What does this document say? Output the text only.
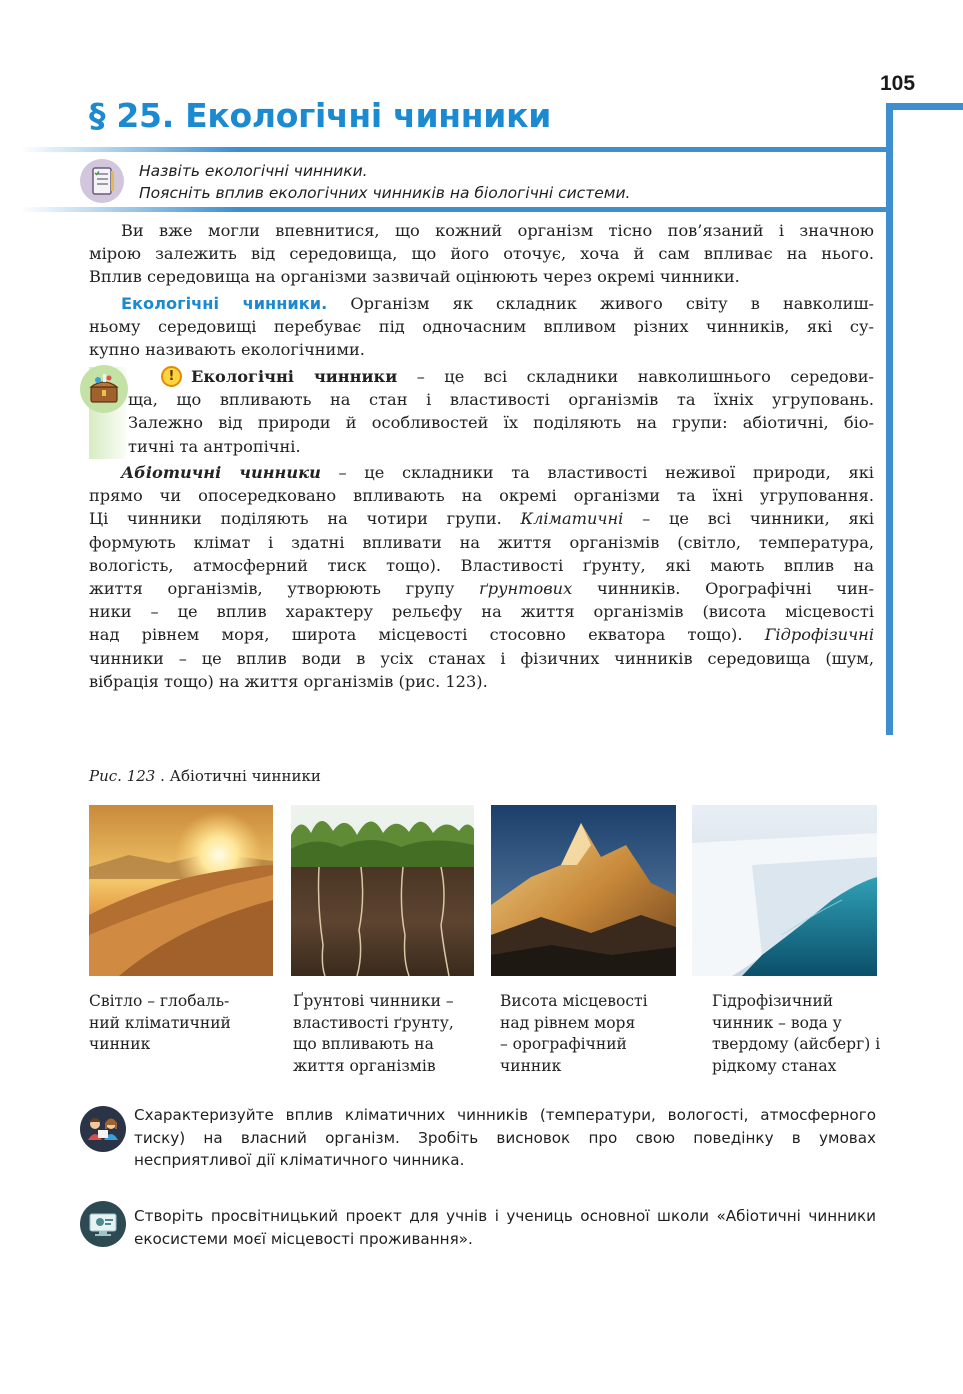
105
§ 25. Екологічні чинники
Назвіть екологічні чинники.
Поясніть вплив екологічних чинників на біологічні системи.
Ви вже могли впевнитися, що кожний організм тісно пов’язаний і значною
мірою залежить від середовища, що його оточує, хоча й сам впливає на нього.
Вплив середовища на організми зазвичай оцінюють через окремі чинники.
Екологічні чинники. Організм як складник живого світу в навколиш-
ньому середовищі перебуває під одночасним впливом різних чинників, які су-
купно називають екологічними.
!	Екологічні чинники – це всі складники навколишнього середови-
ща, що впливають на стан і властивості організмів та їхніх угруповань.
Залежно від природи й особливостей їх поділяють на групи: абіотичні, біо-
тичні та антропічні.
Абіотичні чинники – це складники та властивості неживої природи, які
прямо чи опосередковано впливають на окремі організми та їхні угруповання.
Ці чинники поділяють на чотири групи. Кліматичні – це всі чинники, які
формують клімат і здатні впливати на життя організмів (світло, температура,
вологість, атмосферний тиск тощо). Властивості ґрунту, які мають вплив на
життя організмів, утворюють групу ґрунтових чинників. Орографічні чин-
ники – це вплив характеру рельєфу на життя організмів (висота місцевості
над рівнем моря, широта місцевості стосовно екватора тощо). Гідрофізичні
чинники – це вплив води в усіх станах і фізичних чинників середовища (шум,
вібрація тощо) на життя організмів (рис. 123).
Рис. 123 . Абіотичні чинники
Світло – глобаль-
ний кліматичний
чинник
Ґрунтові чинники –
властивості ґрунту,
що впливають на
життя організмів
Висота місцевості
над рівнем моря
– орографічний
чинник
Гідрофізичний
чинник – вода у
твердому (айсберг) і
рідкому станах
Схарактеризуйте вплив кліматичних чинників (температури, вологості, атмосферного
тиску) на власний організм. Зробіть висновок про свою поведінку в умовах
несприятливої дії кліматичного чинника.
Створіть просвітницький проект для учнів і учениць основної школи «Абіотичні чинники
екосистеми моєї місцевості проживання».
